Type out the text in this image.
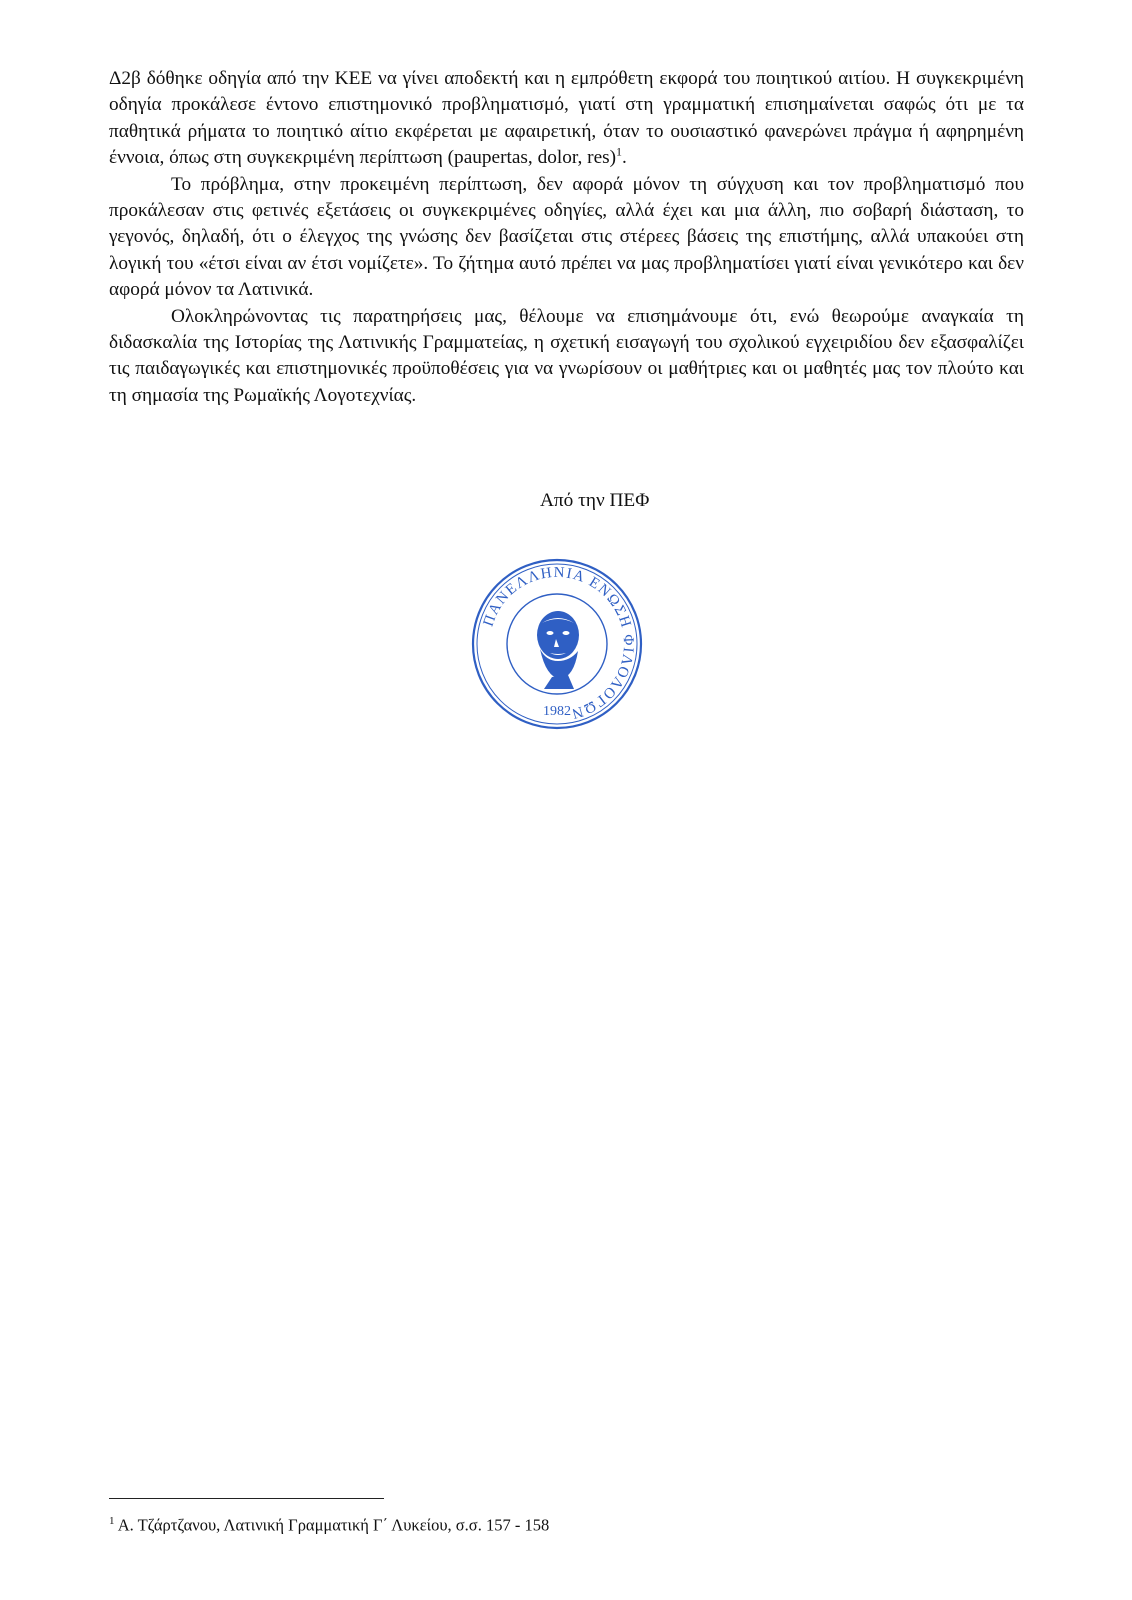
Δ2β δόθηκε οδηγία από την ΚΕΕ να γίνει αποδεκτή και η εμπρόθετη εκφορά του ποιητικού αιτίου. Η συγκεκριμένη οδηγία προκάλεσε έντονο επιστημονικό προβληματισμό, γιατί στη γραμματική επισημαίνεται σαφώς ότι με τα παθητικά ρήματα το ποιητικό αίτιο εκφέρεται με αφαιρετική, όταν το ουσιαστικό φανερώνει πράγμα ή αφηρημένη έννοια, όπως στη συγκεκριμένη περίπτωση (paupertas, dolor, res)$^1$.

Το πρόβλημα, στην προκειμένη περίπτωση, δεν αφορά μόνον τη σύγχυση και τον προβληματισμό που προκάλεσαν στις φετινές εξετάσεις οι συγκεκριμένες οδηγίες, αλλά έχει και μια άλλη, πιο σοβαρή διάσταση, το γεγονός, δηλαδή, ότι ο έλεγχος της γνώσης δεν βασίζεται στις στέρεες βάσεις της επιστήμης, αλλά υπακούει στη λογική του «έτσι είναι αν έτσι νομίζετε». Το ζήτημα αυτό πρέπει να μας προβληματίσει γιατί είναι γενικότερο και δεν αφορά μόνον τα Λατινικά.

Ολοκληρώνοντας τις παρατηρήσεις μας, θέλουμε να επισημάνουμε ότι, ενώ θεωρούμε αναγκαία τη διδασκαλία της Ιστορίας της Λατινικής Γραμματείας, η σχετική εισαγωγή του σχολικού εγχειριδίου δεν εξασφαλίζει τις παιδαγωγικές και επιστημονικές προϋποθέσεις για να γνωρίσουν οι μαθήτριες και οι μαθητές μας τον πλούτο και τη σημασία της Ρωμαϊκής Λογοτεχνίας.

Από την ΠΕΦ
ΠΑΝΕΛΛΗΝΙΑ ΕΝΩΣΗ ΦΙΛΟΛΟΓΩΝ
1982
$^1$ Α. Τζάρτζανου, Λατινική Γραμματική Γ΄ Λυκείου, σ.σ. 157 - 158
